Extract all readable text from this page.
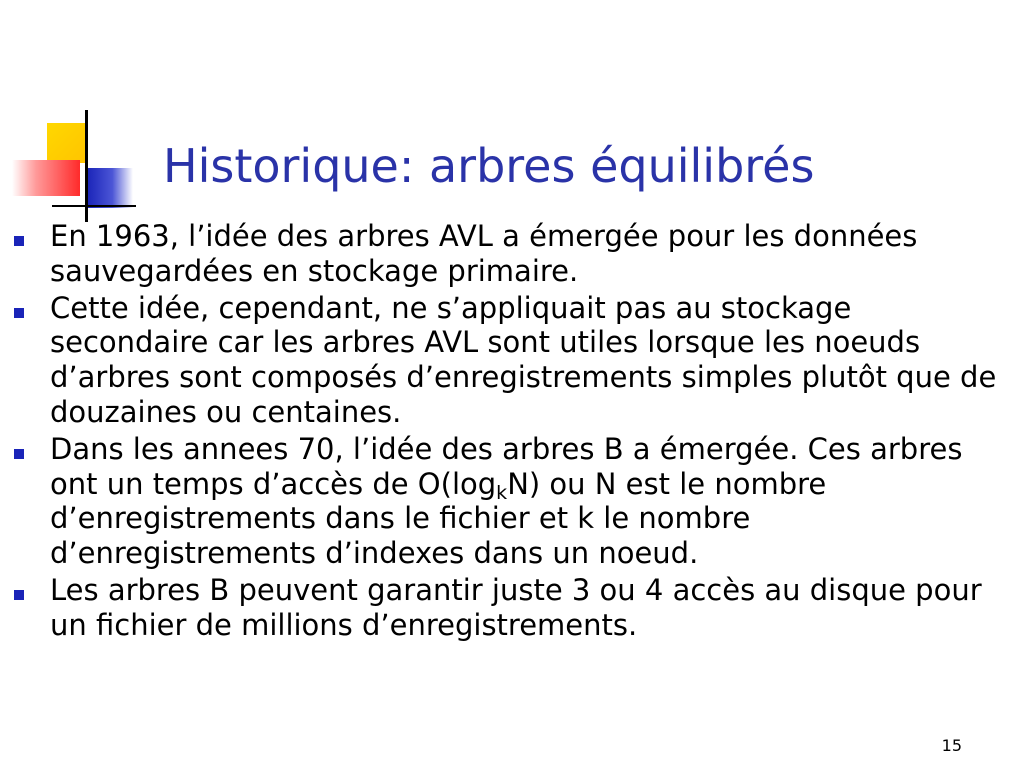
Historique: arbres équilibrés
En 1963, l’idée des arbres AVL a émergée pour les données sauvegardées en stockage primaire.
Cette idée, cependant, ne s’appliquait pas au stockage secondaire car les arbres AVL sont utiles lorsque les noeuds d’arbres sont composés d’enregistrements simples plutôt que de douzaines ou centaines.
Dans les annees 70, l’idée des arbres B a émergée. Ces arbres ont un temps d’accès de $O(\log_kN)$ ou N est le nombre d’enregistrements dans le fichier et k le nombre d’enregistrements d’indexes dans un noeud.
Les arbres B peuvent garantir juste 3 ou 4 accès au disque pour un fichier de millions d’enregistrements.
15
